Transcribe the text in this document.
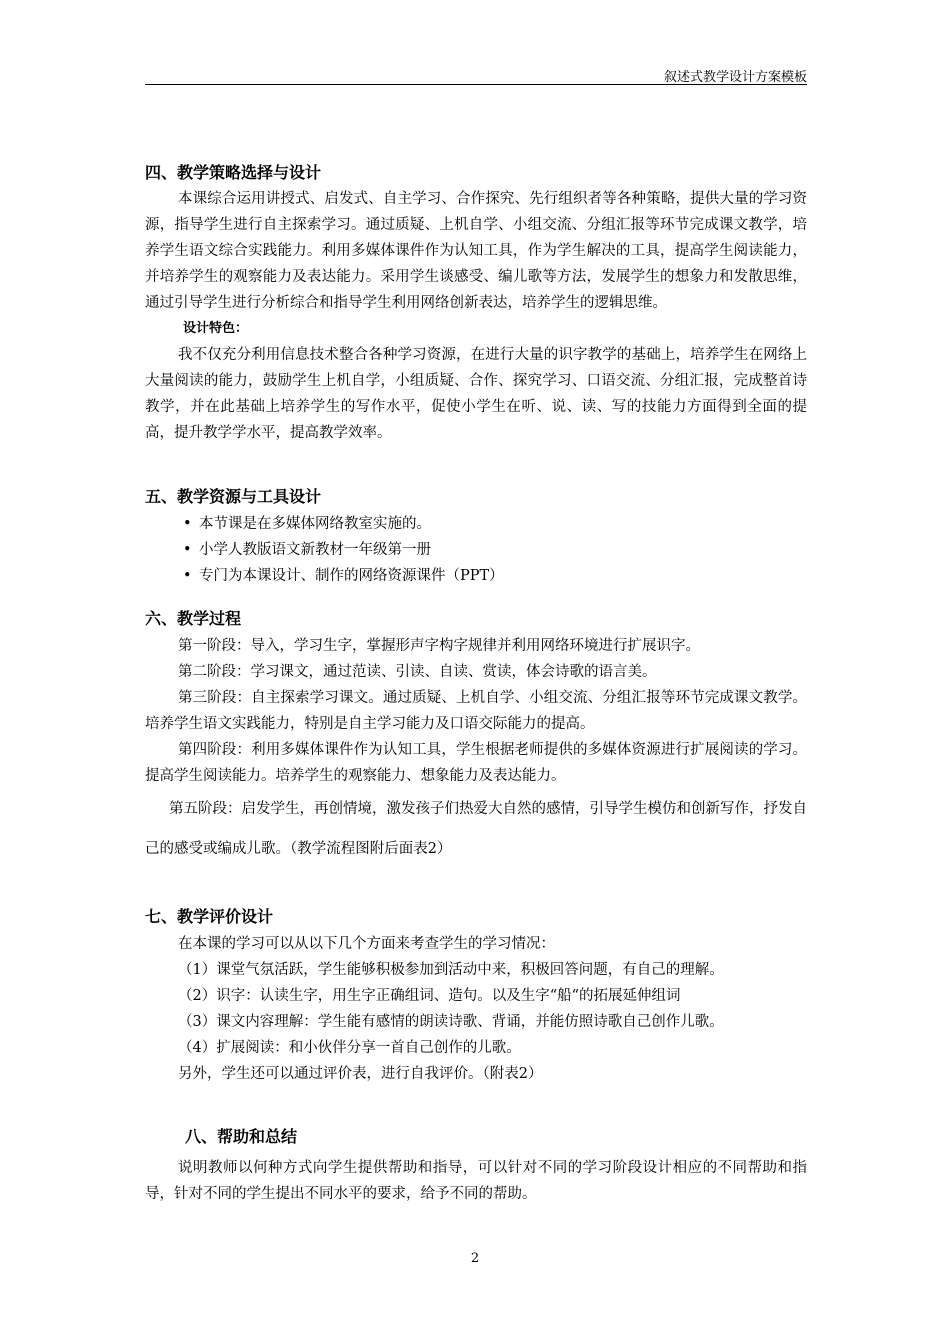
叙述式教学设计方案模板
四、教学策略选择与设计

本课综合运用讲授式、启发式、自主学习、合作探究、先行组织者等各种策略，提供大量的学习资源，指导学生进行自主探索学习。通过质疑、上机自学、小组交流、分组汇报等环节完成课文教学，培养学生语文综合实践能力。利用多媒体课件作为认知工具，作为学生解决的工具，提高学生阅读能力，并培养学生的观察能力及表达能力。采用学生谈感受、编儿歌等方法，发展学生的想象力和发散思维，通过引导学生进行分析综合和指导学生利用网络创新表达，培养学生的逻辑思维。

设计特色：

我不仅充分利用信息技术整合各种学习资源，在进行大量的识字教学的基础上，培养学生在网络上大量阅读的能力，鼓励学生上机自学，小组质疑、合作、探究学习、口语交流、分组汇报，完成整首诗教学，并在此基础上培养学生的写作水平，促使小学生在听、说、读、写的技能力方面得到全面的提高，提升教学学水平，提高教学效率。

五、教学资源与工具设计
• 本节课是在多媒体网络教室实施的。
• 小学人教版语文新教材一年级第一册
• 专门为本课设计、制作的网络资源课件（PPT）
六、教学过程

第一阶段：导入，学习生字，掌握形声字构字规律并利用网络环境进行扩展识字。

第二阶段：学习课文，通过范读、引读、自读、赏读，体会诗歌的语言美。

第三阶段：自主探索学习课文。通过质疑、上机自学、小组交流、分组汇报等环节完成课文教学。培养学生语文实践能力，特别是自主学习能力及口语交际能力的提高。

第四阶段：利用多媒体课件作为认知工具，学生根据老师提供的多媒体资源进行扩展阅读的学习。提高学生阅读能力。培养学生的观察能力、想象能力及表达能力。

第五阶段：启发学生，再创情境，激发孩子们热爱大自然的感情，引导学生模仿和创新写作，抒发自己的感受或编成儿歌。（教学流程图附后面表2）

七、教学评价设计

在本课的学习可以从以下几个方面来考查学生的学习情况：

（1）课堂气氛活跃，学生能够积极参加到活动中来，积极回答问题，有自己的理解。

（2）识字：认读生字，用生字正确组词、造句。以及生字“船“的拓展延伸组词

（3）课文内容理解：学生能有感情的朗读诗歌、背诵，并能仿照诗歌自己创作儿歌。

（4）扩展阅读：和小伙伴分享一首自己创作的儿歌。

另外，学生还可以通过评价表，进行自我评价。（附表2）

八、帮助和总结

说明教师以何种方式向学生提供帮助和指导，可以针对不同的学习阶段设计相应的不同帮助和指导，针对不同的学生提出不同水平的要求，给予不同的帮助。

2
